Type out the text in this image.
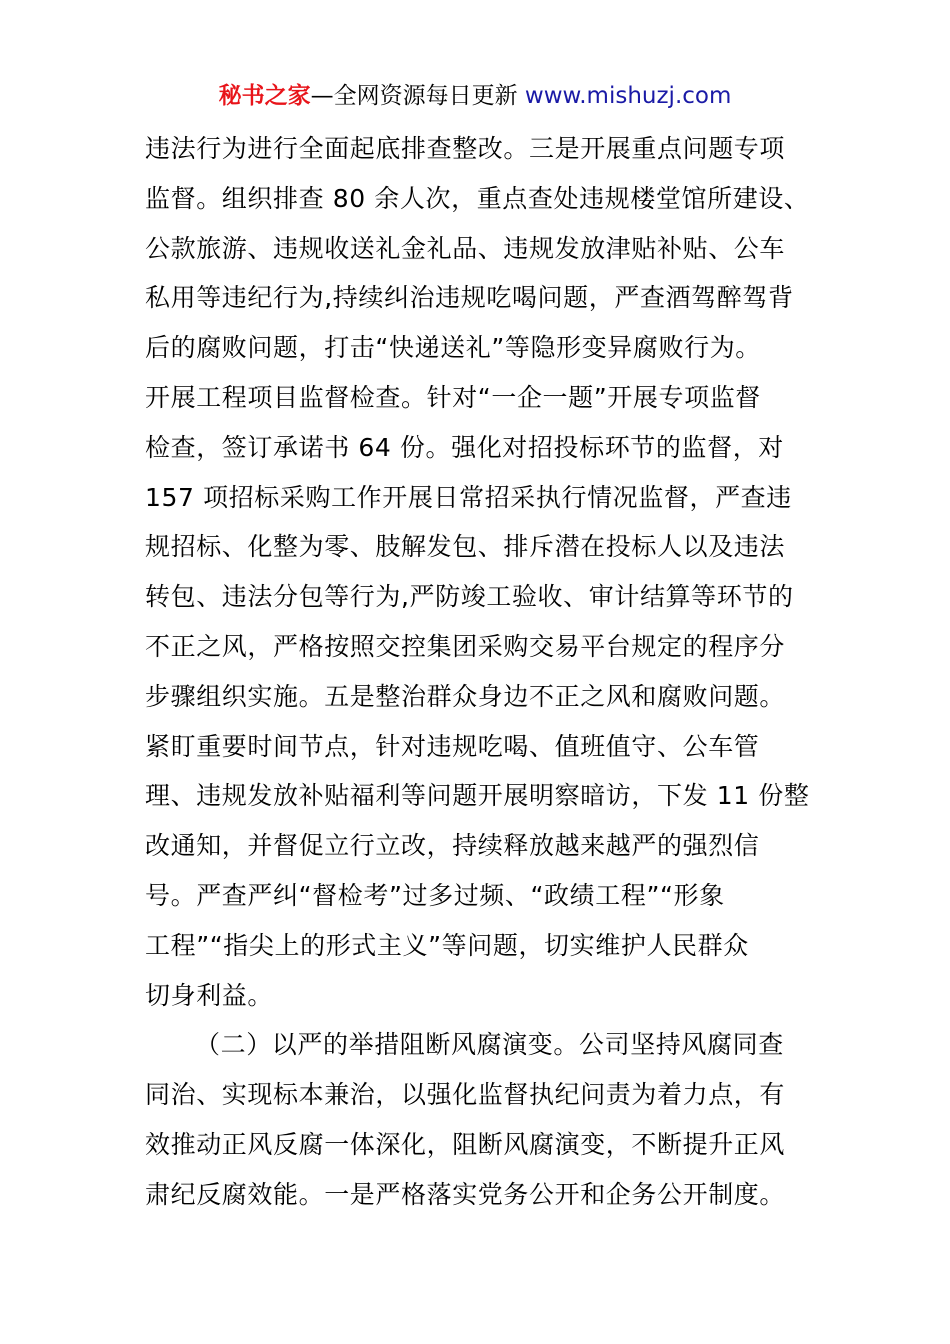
秘书之家—全网资源每日更新 www.mishuzj.com
违法行为进行全面起底排查整改。三是开展重点问题专项
监督。组织排查 80 余人次，重点查处违规楼堂馆所建设、
公款旅游、违规收送礼金礼品、违规发放津贴补贴、公车
私用等违纪行为,持续纠治违规吃喝问题，严查酒驾醉驾背
后的腐败问题，打击“快递送礼”等隐形变异腐败行为。
开展工程项目监督检查。针对“一企一题”开展专项监督
检查，签订承诺书 64 份。强化对招投标环节的监督，对
157 项招标采购工作开展日常招采执行情况监督，严查违
规招标、化整为零、肢解发包、排斥潜在投标人以及违法
转包、违法分包等行为,严防竣工验收、审计结算等环节的
不正之风，严格按照交控集团采购交易平台规定的程序分
步骤组织实施。五是整治群众身边不正之风和腐败问题。
紧盯重要时间节点，针对违规吃喝、值班值守、公车管
理、违规发放补贴福利等问题开展明察暗访，下发 11 份整
改通知，并督促立行立改，持续释放越来越严的强烈信
号。严查严纠“督检考”过多过频、“政绩工程”“形象
工程”“指尖上的形式主义”等问题，切实维护人民群众
切身利益。
（二）以严的举措阻断风腐演变。公司坚持风腐同查
同治、实现标本兼治，以强化监督执纪问责为着力点，有
效推动正风反腐一体深化，阻断风腐演变，不断提升正风
肃纪反腐效能。一是严格落实党务公开和企务公开制度。
